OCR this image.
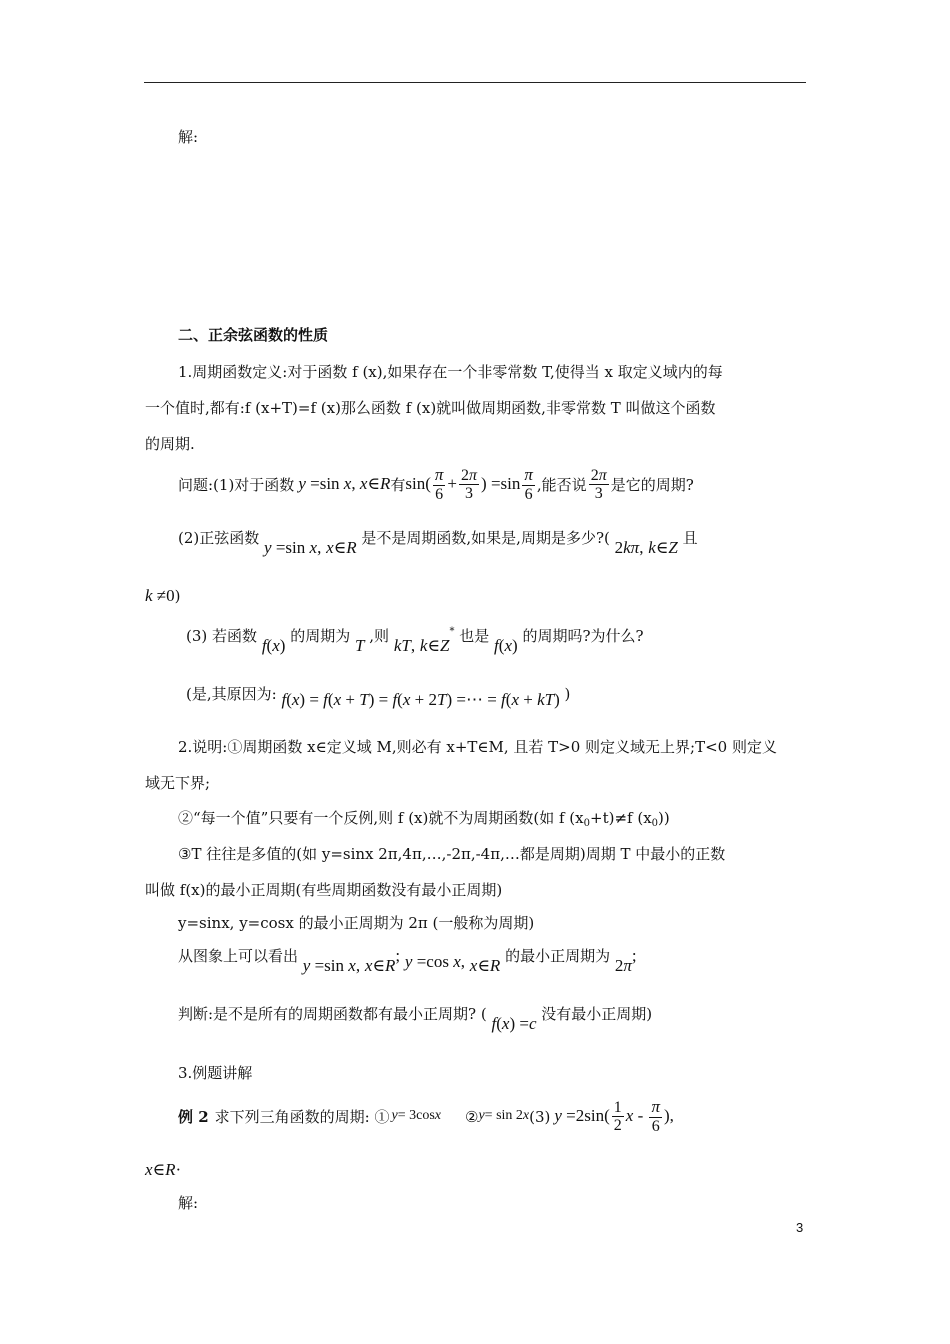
解:
二、正余弦函数的性质
1.周期函数定义:对于函数 f (x),如果存在一个非零常数 T,使得当 x 取定义域内的每
一个值时,都有:f (x+T)=f (x)那么函数 f (x)就叫做周期函数,非零常数 T 叫做这个函数
的周期.
问题:(1)对于函数 y =sin x , x ∈ R 有 $\sin( \frac{\pi}{6} + \frac{2\pi}{3}$ ) $=\sin \frac{\pi}{6}$ ,能否说 $\frac{2\pi}{3}$ 是它的周期?
(2)正弦函数 y =sin x, x∈R 是不是周期函数,如果是,周期是多少?( 2kπ, k∈Z 且
k ≠0)
(3) 若函数 f(x) 的周期为 T ,则 kT, k∈Z* 也是 f(x) 的周期吗?为什么?
(是,其原因为: f(x) = f(x + T) = f(x + 2T) =⋯ = f(x + kT) )
2.说明:①周期函数 x∈定义域 M,则必有 x+T∈M, 且若 T>0 则定义域无上界;T<0 则定义
域无下界;
②“每一个值”只要有一个反例,则 f (x)就不为周期函数(如 f $(x_0+t)\ne f$ $(x_0)$)
③T 往往是多值的(如 y=sinx 2π,4π,…,-2π,-4π,…都是周期)周期 T 中最小的正数
叫做 f(x)的最小正周期(有些周期函数没有最小正周期)
y=sinx, y=cosx 的最小正周期为 2π (一般称为周期)
从图象上可以看出 y =sin x, x∈R; y =cos x, x∈R 的最小正周期为 2π;
判断:是不是所有的周期函数都有最小正周期? ( f(x) =c 没有最小正周期)
3.例题讲解
例 2 求下列三角函数的周期: ① y = 3cos x ② y = sin 2 x (3) $y =2\sin( \frac{1}{2}$ x - $\frac{\pi}{6}$ ),
x∈R·
解:
3
